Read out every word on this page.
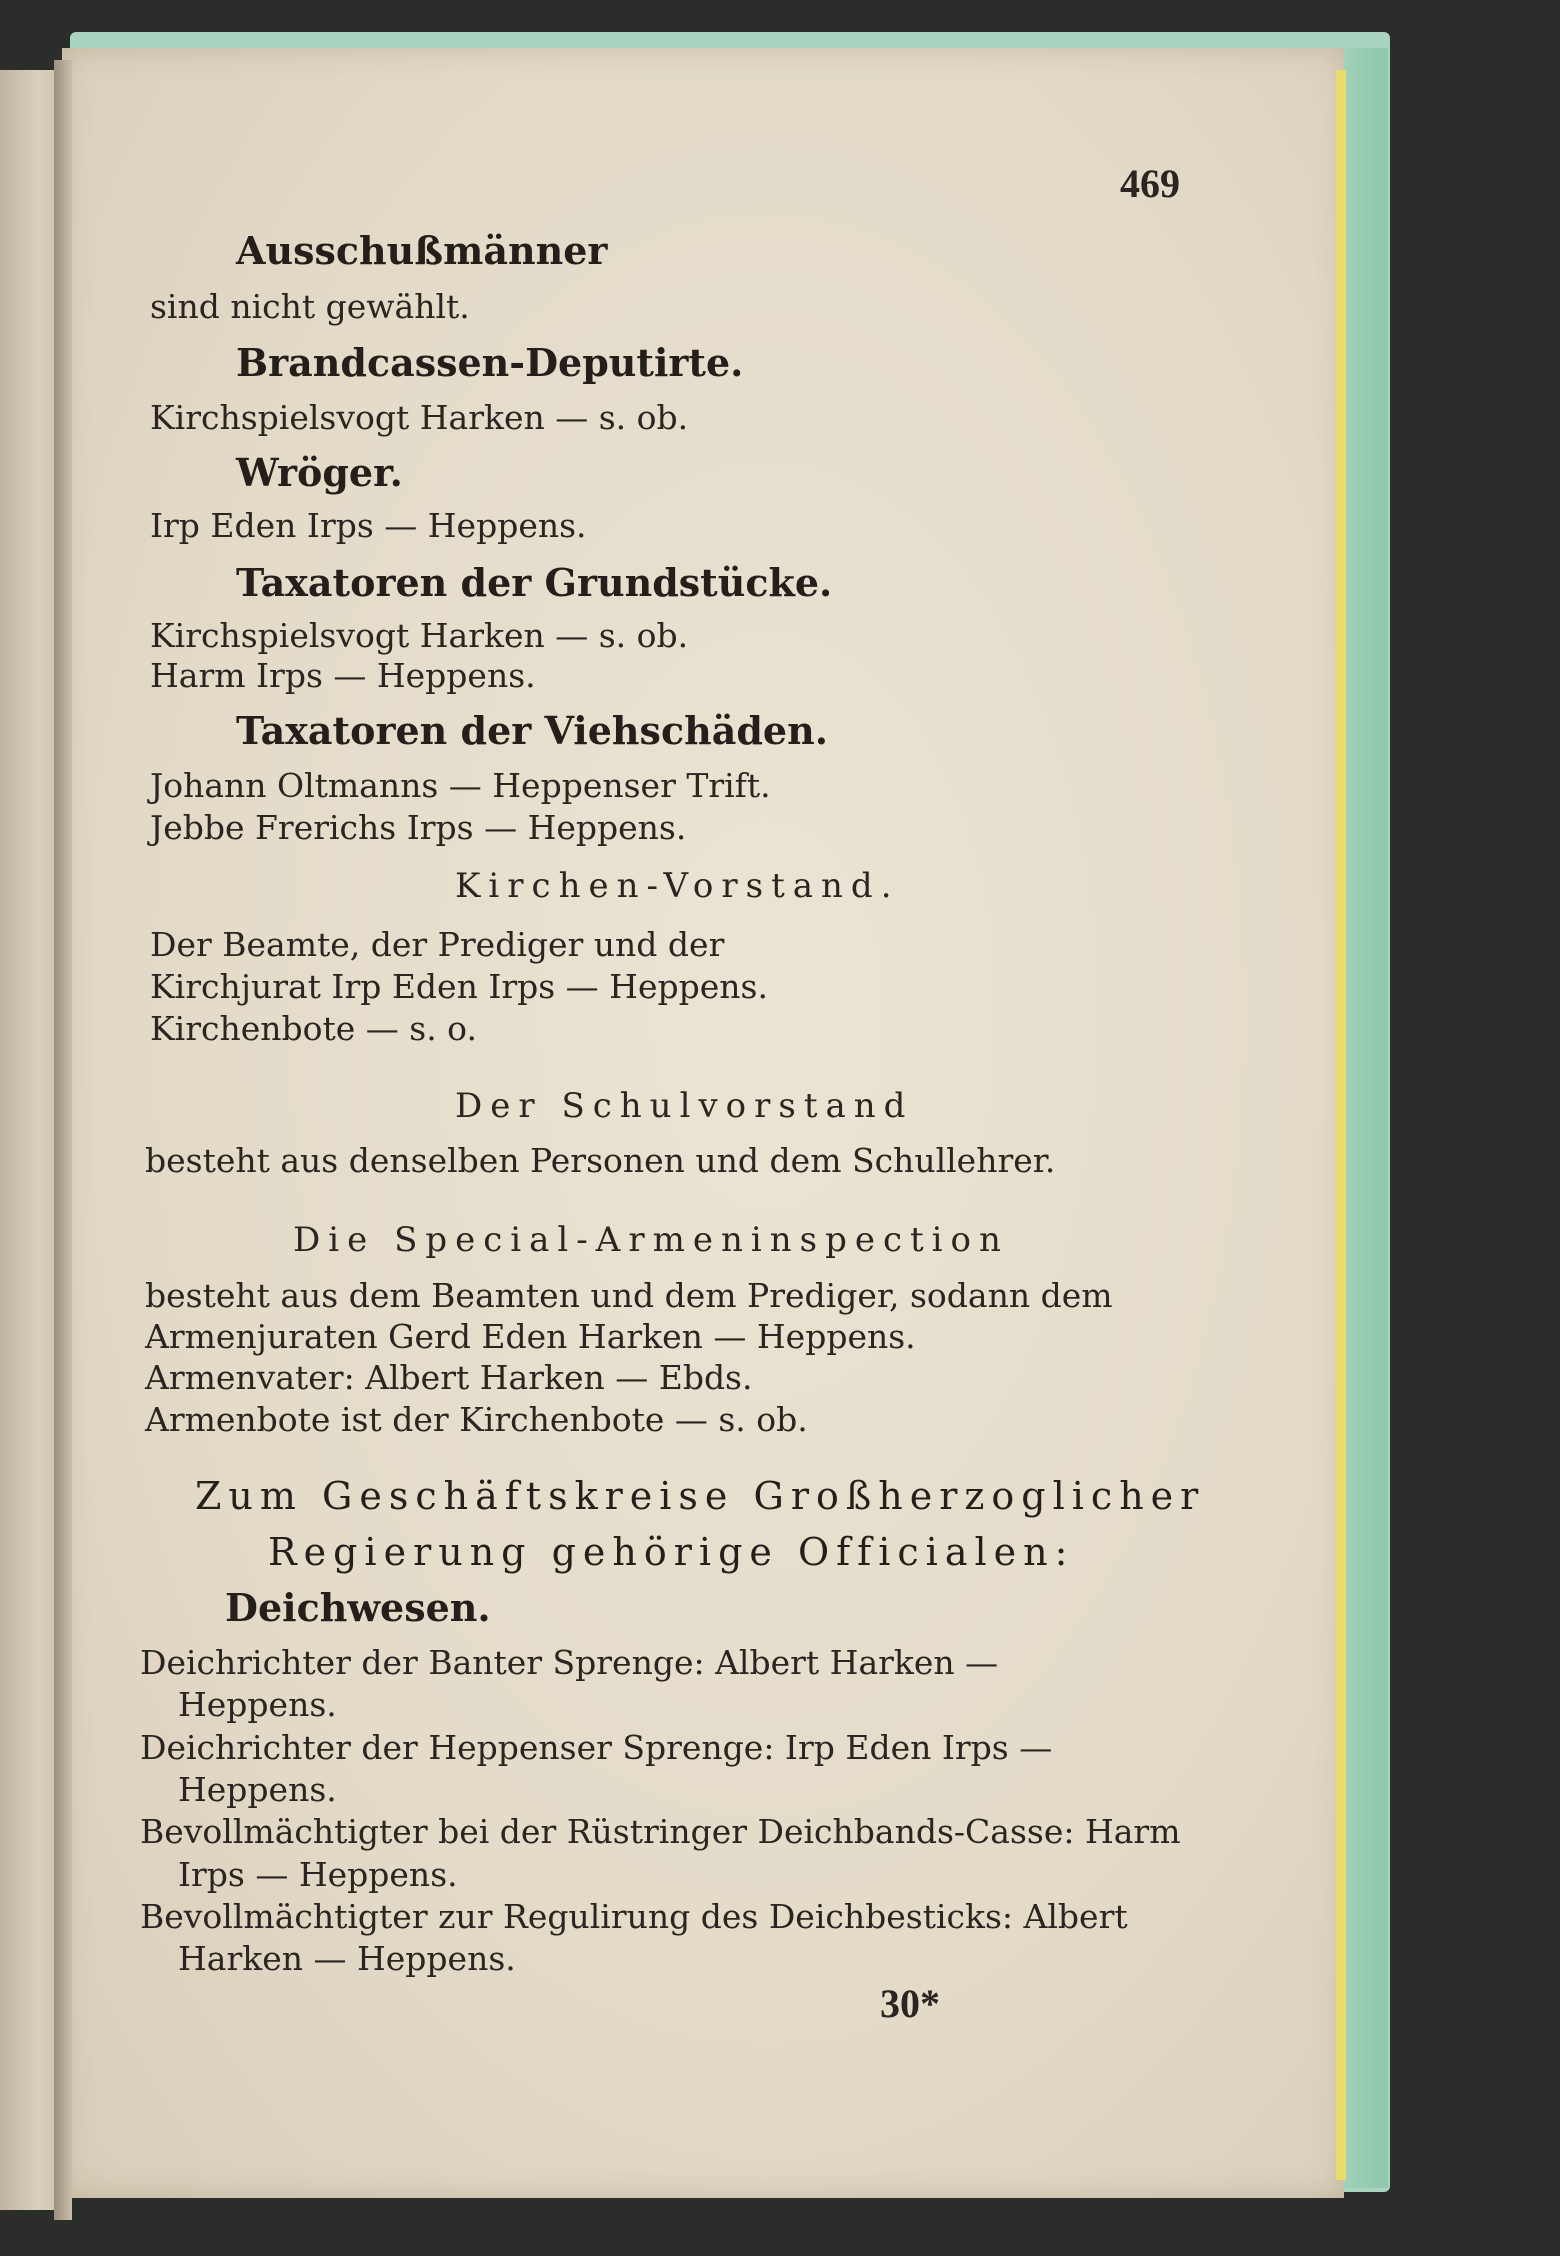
469
Ausschußmänner
sind nicht gewählt.
Brandcassen-Deputirte.
Kirchspielsvogt Harken — s. ob.
Wröger.
Irp Eden Irps — Heppens.
Taxatoren der Grundstücke.
Kirchspielsvogt Harken — s. ob.
Harm Irps — Heppens.
Taxatoren der Viehschäden.
Johann Oltmanns — Heppenser Trift.
Jebbe Frerichs Irps — Heppens.
Kirchen-Vorstand.
Der Beamte, der Prediger und der
Kirchjurat Irp Eden Irps — Heppens.
Kirchenbote — s. o.
Der Schulvorstand
besteht aus denselben Personen und dem Schullehrer.
Die Special-Armeninspection
besteht aus dem Beamten und dem Prediger, sodann dem
Armenjuraten Gerd Eden Harken — Heppens.
Armenvater: Albert Harken — Ebds.
Armenbote ist der Kirchenbote — s. ob.
Zum Geschäftskreise Großherzoglicher
Regierung gehörige Officialen:
Deichwesen.
Deichrichter der Banter Sprenge: Albert Harken —
Heppens.
Deichrichter der Heppenser Sprenge: Irp Eden Irps —
Heppens.
Bevollmächtigter bei der Rüstringer Deichbands-Casse: Harm
Irps — Heppens.
Bevollmächtigter zur Regulirung des Deichbesticks: Albert
Harken — Heppens.
30*
